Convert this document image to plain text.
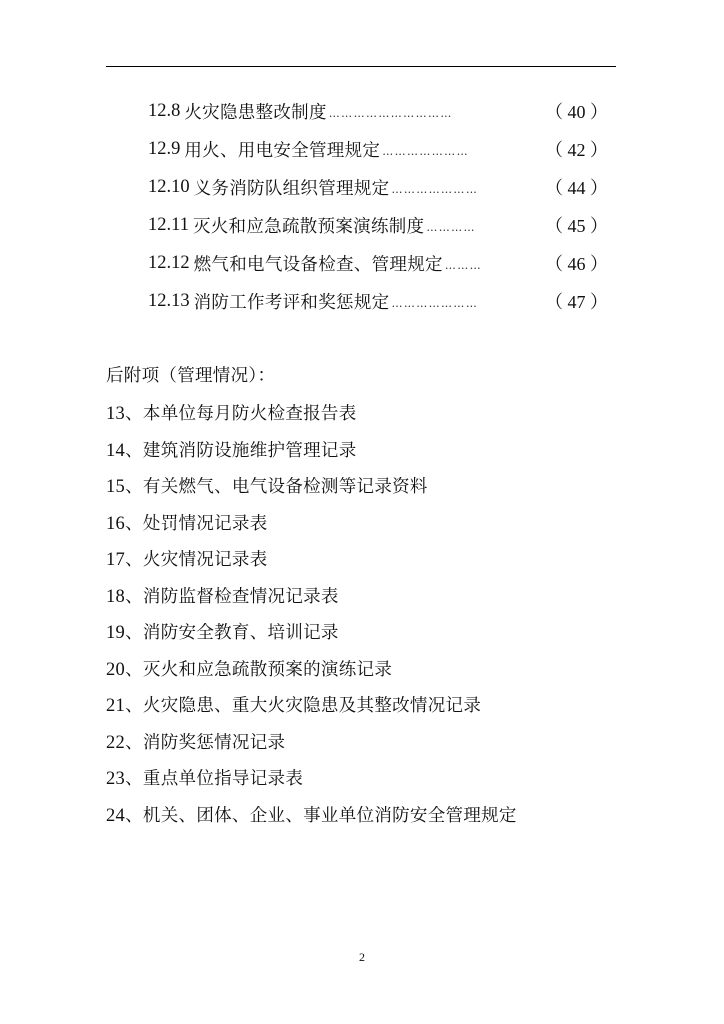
12.8 火灾隐患整改制度 …………………………	（ 40 ）
12.9 用火、用电安全管理规定 …………………	（ 42 ）
12.10 义务消防队组织管理规定 …………………	（ 44 ）
12.11 灭火和应急疏散预案演练制度 …………	（ 45 ）
12.12 燃气和电气设备检查、管理规定 ………	（ 46 ）
12.13 消防工作考评和奖惩规定 …………………	（ 47 ）
后附项（管理情况）：
13、本单位每月防火检查报告表
14、建筑消防设施维护管理记录
15、有关燃气、电气设备检测等记录资料
16、处罚情况记录表
17、火灾情况记录表
18、消防监督检查情况记录表
19、消防安全教育、培训记录
20、灭火和应急疏散预案的演练记录
21、火灾隐患、重大火灾隐患及其整改情况记录
22、消防奖惩情况记录
23、重点单位指导记录表
24、机关、团体、企业、事业单位消防安全管理规定
2
